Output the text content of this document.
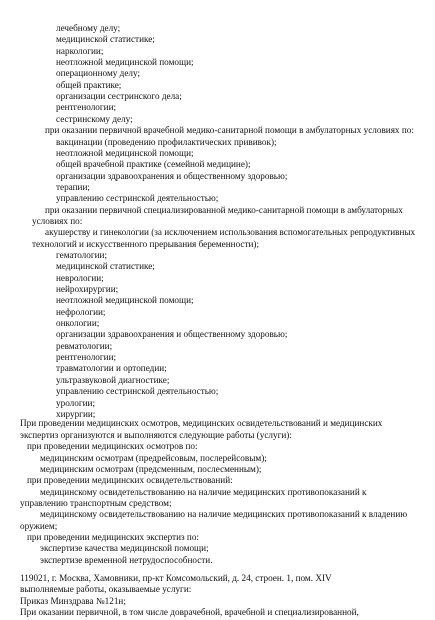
лечебному делу;
медицинской статистике;
наркологии;
неотложной медицинской помощи;
операционному делу;
общей практике;
организации сестринского дела;
рентгенологии;
сестринскому делу;
при оказании первичной врачебной медико-санитарной помощи в амбулаторных условиях по:
вакцинации (проведению профилактических прививок);
неотложной медицинской помощи;
общей врачебной практике (семейной медицине);
организации здравоохранения и общественному здоровью;
терапии;
управлению сестринской деятельностью;
при оказании первичной специализированной медико-санитарной помощи в амбулаторных
условиях по:
акушерству и гинекологии (за исключением использования вспомогательных репродуктивных
технологий и искусственного прерывания беременности);
гематологии;
медицинской статистике;
неврологии;
нейрохирургии;
неотложной медицинской помощи;
нефрологии;
онкологии;
организации здравоохранения и общественному здоровью;
ревматологии;
рентгенологии;
травматологии и ортопедии;
ультразвуковой диагностике;
управлению сестринской деятельностью;
урологии;
хирургии;
При проведении медицинских осмотров, медицинских освидетельствований и медицинских
экспертиз организуются и выполняются следующие работы (услуги):
при проведении медицинских осмотров по:
медицинским осмотрам (предрейсовым, послерейсовым);
медицинским осмотрам (предсменным, послесменным);
при проведении медицинских освидетельствований:
медицинскому освидетельствованию на наличие медицинских противопоказаний к
управлению транспортным средством;
медицинскому освидетельствованию на наличие медицинских противопоказаний к владению
оружием;
при проведении медицинских экспертиз по:
экспертизе качества медицинской помощи;
экспертизе временной нетрудоспособности.
119021, г. Москва, Хамовники, пр-кт Комсомольский, д. 24, строен. 1, пом. XIV
выполняемые работы, оказываемые услуги:
Приказ Минздрава №121н;
При оказании первичной, в том числе доврачебной, врачебной и специализированной,
